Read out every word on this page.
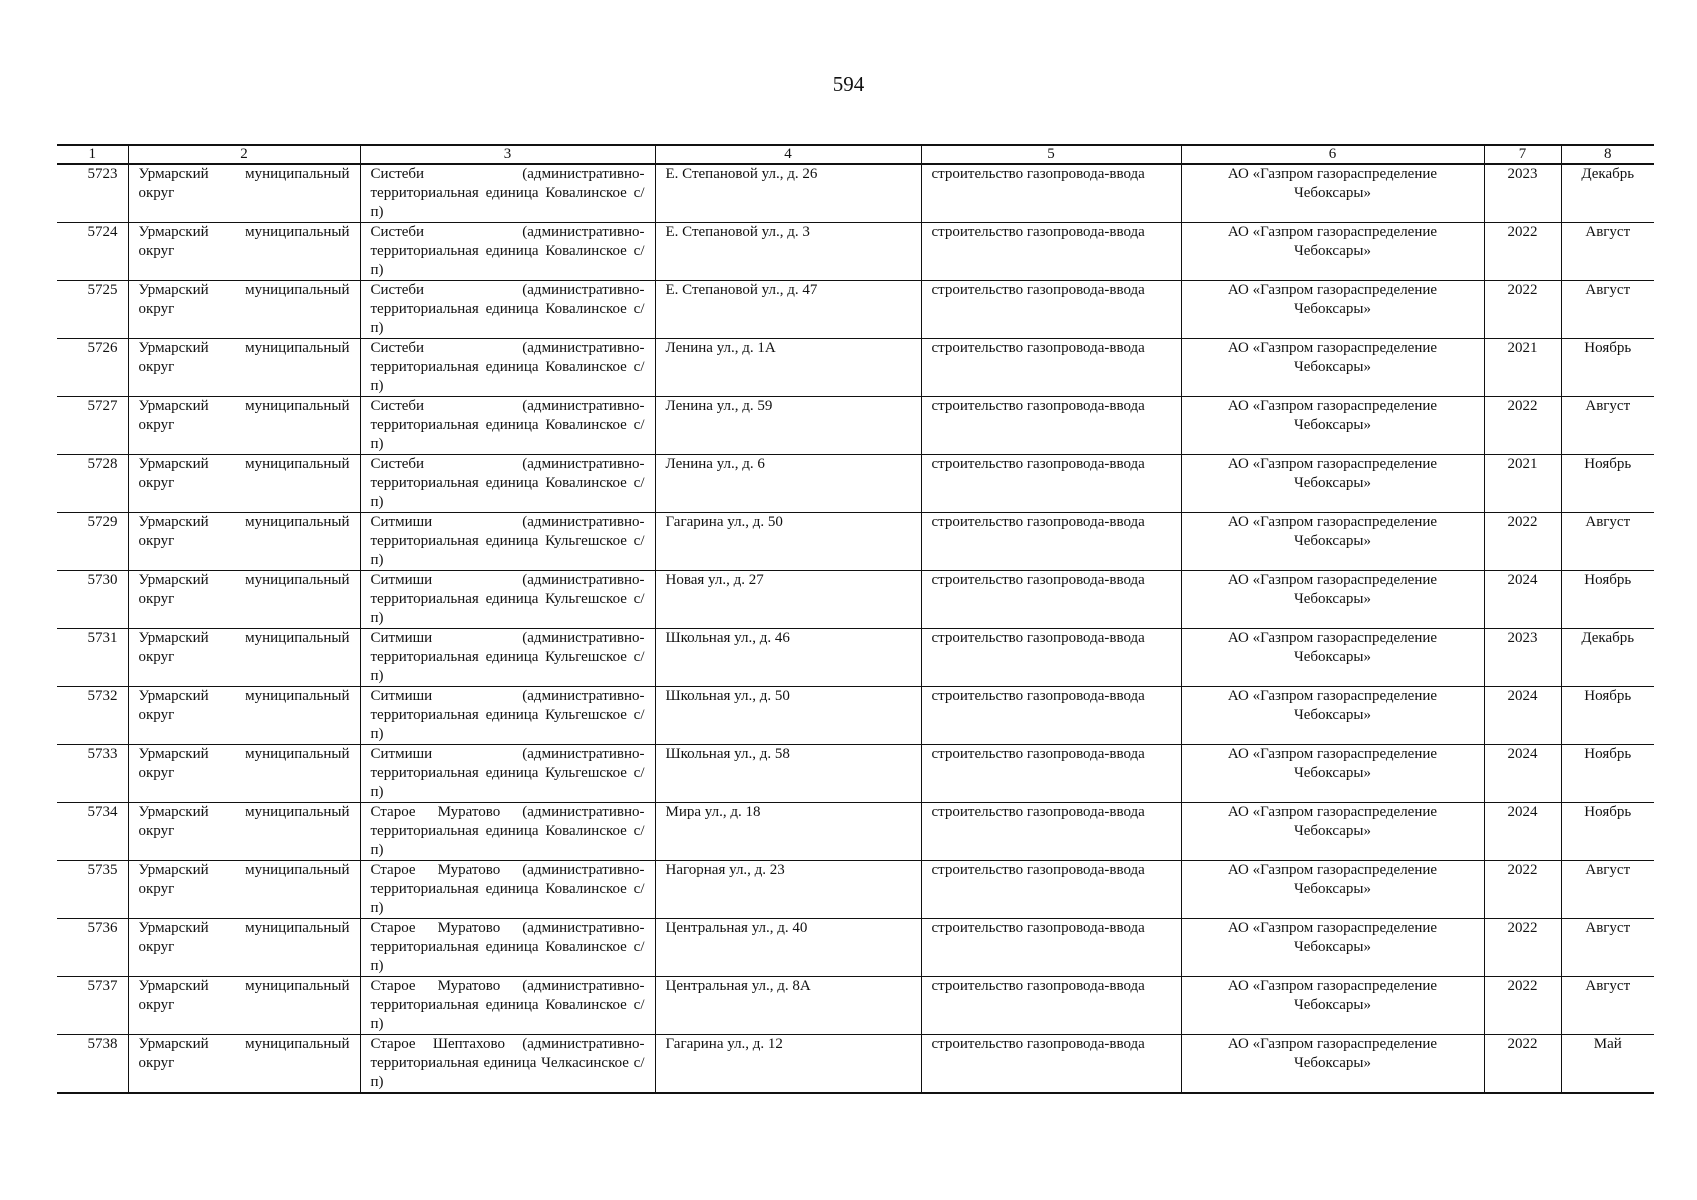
594
1	2	3	4	5	6	7	8
5723	Урмарский муниципальный округ	Систеби (административно-территориальная единица Ковалинское с/п)	Е. Степановой ул., д. 26	строительство газопровода-ввода	АО «Газпром газораспределение Чебоксары»	2023	Декабрь
5724	Урмарский муниципальный округ	Систеби (административно-территориальная единица Ковалинское с/п)	Е. Степановой ул., д. 3	строительство газопровода-ввода	АО «Газпром газораспределение Чебоксары»	2022	Август
5725	Урмарский муниципальный округ	Систеби (административно-территориальная единица Ковалинское с/п)	Е. Степановой ул., д. 47	строительство газопровода-ввода	АО «Газпром газораспределение Чебоксары»	2022	Август
5726	Урмарский муниципальный округ	Систеби (административно-территориальная единица Ковалинское с/п)	Ленина ул., д. 1А	строительство газопровода-ввода	АО «Газпром газораспределение Чебоксары»	2021	Ноябрь
5727	Урмарский муниципальный округ	Систеби (административно-территориальная единица Ковалинское с/п)	Ленина ул., д. 59	строительство газопровода-ввода	АО «Газпром газораспределение Чебоксары»	2022	Август
5728	Урмарский муниципальный округ	Систеби (административно-территориальная единица Ковалинское с/п)	Ленина ул., д. 6	строительство газопровода-ввода	АО «Газпром газораспределение Чебоксары»	2021	Ноябрь
5729	Урмарский муниципальный округ	Ситмиши (административно-территориальная единица Кульгешское с/п)	Гагарина ул., д. 50	строительство газопровода-ввода	АО «Газпром газораспределение Чебоксары»	2022	Август
5730	Урмарский муниципальный округ	Ситмиши (административно-территориальная единица Кульгешское с/п)	Новая ул., д. 27	строительство газопровода-ввода	АО «Газпром газораспределение Чебоксары»	2024	Ноябрь
5731	Урмарский муниципальный округ	Ситмиши (административно-территориальная единица Кульгешское с/п)	Школьная ул., д. 46	строительство газопровода-ввода	АО «Газпром газораспределение Чебоксары»	2023	Декабрь
5732	Урмарский муниципальный округ	Ситмиши (административно-территориальная единица Кульгешское с/п)	Школьная ул., д. 50	строительство газопровода-ввода	АО «Газпром газораспределение Чебоксары»	2024	Ноябрь
5733	Урмарский муниципальный округ	Ситмиши (административно-территориальная единица Кульгешское с/п)	Школьная ул., д. 58	строительство газопровода-ввода	АО «Газпром газораспределение Чебоксары»	2024	Ноябрь
5734	Урмарский муниципальный округ	Старое Муратово (административно-территориальная единица Ковалинское с/п)	Мира ул., д. 18	строительство газопровода-ввода	АО «Газпром газораспределение Чебоксары»	2024	Ноябрь
5735	Урмарский муниципальный округ	Старое Муратово (административно-территориальная единица Ковалинское с/п)	Нагорная ул., д. 23	строительство газопровода-ввода	АО «Газпром газораспределение Чебоксары»	2022	Август
5736	Урмарский муниципальный округ	Старое Муратово (административно-территориальная единица Ковалинское с/п)	Центральная ул., д. 40	строительство газопровода-ввода	АО «Газпром газораспределение Чебоксары»	2022	Август
5737	Урмарский муниципальный округ	Старое Муратово (административно-территориальная единица Ковалинское с/п)	Центральная ул., д. 8А	строительство газопровода-ввода	АО «Газпром газораспределение Чебоксары»	2022	Август
5738	Урмарский муниципальный округ	Старое Шептахово (административно-территориальная единица Челкасинское с/п)	Гагарина ул., д. 12	строительство газопровода-ввода	АО «Газпром газораспределение Чебоксары»	2022	Май
